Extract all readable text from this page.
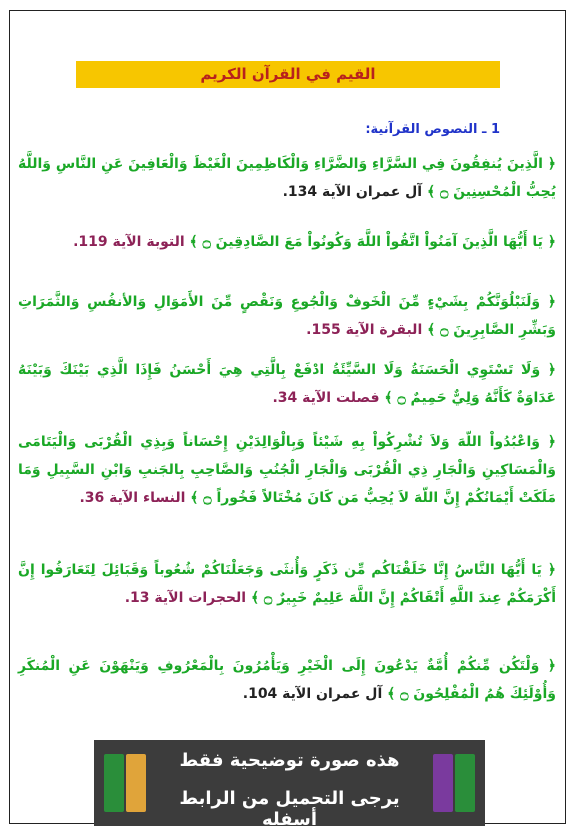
القيم في القرآن الكريم
1 ـ النصوص القرآنية:
﴿ الَّذِينَ يُنفِقُونَ فِي السَّرَّاءِ وَالضَّرَّاءِ وَالْكَاظِمِينَ الْغَيْظَ وَالْعَافِينَ عَنِ النَّاسِ وَاللَّهُ يُحِبُّ الْمُحْسِنِينَ ۝ ﴾ آل عمران الآية 134.
﴿ يَا أَيُّهَا الَّذِينَ آمَنُواْ اتَّقُواْ اللَّهَ وَكُونُواْ مَعَ الصَّادِقِينَ ۝ ﴾ التوبة الآية 119.
﴿ وَلَنَبْلُوَنَّكُمْ بِشَيْءٍ مِّنَ الْخَوفْ وَالْجُوعِ وَنَقْصٍ مِّنَ الأَمَوَالِ وَالأنفُسِ وَالثَّمَرَاتِ وَبَشِّرِ الصَّابِرِينَ ۝ ﴾ البقرة الآية 155.
﴿ وَلَا تَسْتَوِي الْحَسَنَةُ وَلَا السَّيِّئَةُ ادْفَعْ بِالَّتِي هِيَ أَحْسَنُ فَإِذَا الَّذِي بَيْنَكَ وَبَيْنَهُ عَدَاوَةٌ كَأَنَّهُ وَلِيٌّ حَمِيمٌ ۝ ﴾ فصلت الآية 34.
﴿ وَاعْبُدُواْ اللّهَ وَلاَ تُشْرِكُواْ بِهِ شَيْئاً وَبِالْوَالِدَيْنِ إِحْسَاناً وَبِذِي الْقُرْبَى وَالْيَتَامَى وَالْمَسَاكِينِ وَالْجَارِ ذِي الْقُرْبَى وَالْجَارِ الْجُنُبِ وَالصَّاحِبِ بِالجَنبِ وَابْنِ السَّبِيلِ وَمَا مَلَكَتْ أَيْمَانُكُمْ إِنَّ اللّهَ لاَ يُحِبُّ مَن كَانَ مُخْتَالاً فَخُوراً ۝ ﴾ النساء الآية 36.
﴿ يَا أَيُّهَا النَّاسُ إِنَّا خَلَقْنَاكُم مِّن ذَكَرٍ وَأُنثَى وَجَعَلْنَاكُمْ شُعُوباً وَقَبَائِلَ لِتَعَارَفُوا إِنَّ أَكْرَمَكُمْ عِندَ اللَّهِ أَتْقَاكُمْ إِنَّ اللَّهَ عَلِيمٌ خَبِيرٌ ۝ ﴾ الحجرات الآية 13.
﴿ وَلْتَكُن مِّنكُمْ أُمَّةٌ يَدْعُونَ إِلَى الْخَيْرِ وَيَأْمُرُونَ بِالْمَعْرُوفِ وَيَنْهَوْنَ عَنِ الْمُنكَرِ وَأُوْلَئِكَ هُمُ الْمُفْلِحُونَ ۝ ﴾ آل عمران الآية 104.
هذه صورة توضيحية فقط
يرجى التحميل من الرابط أسفله
